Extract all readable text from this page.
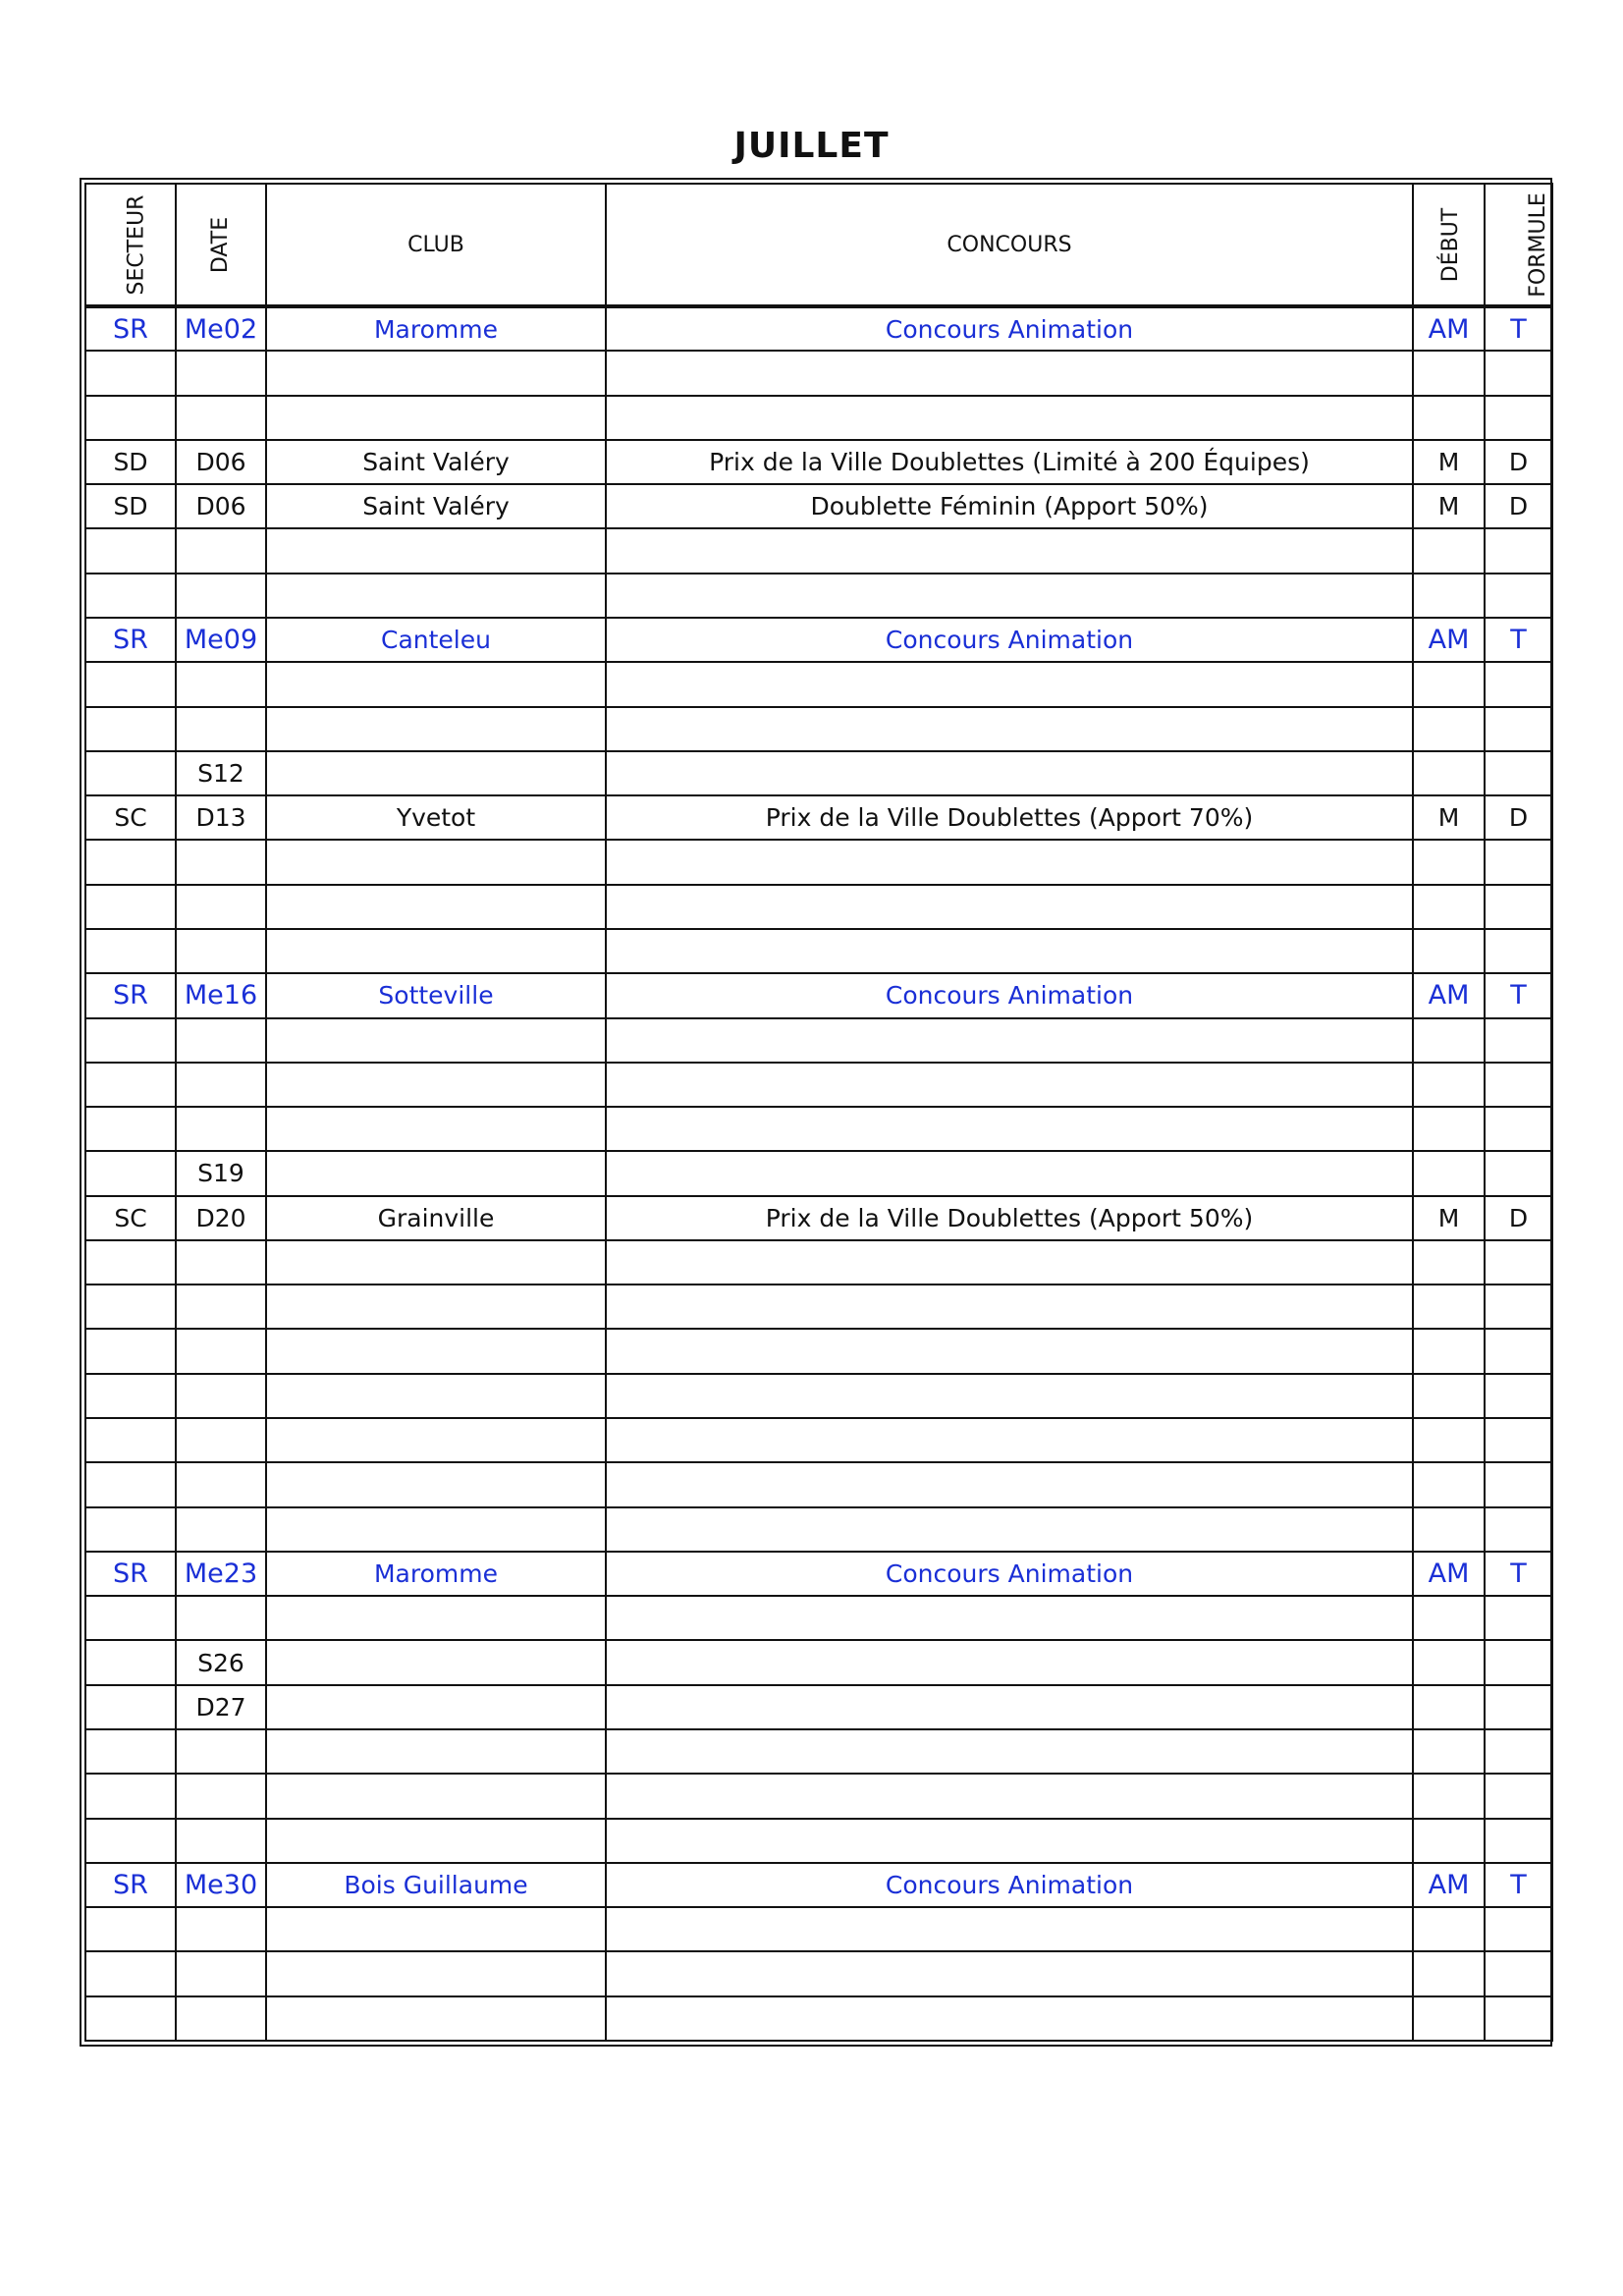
JUILLET
SECTEUR	DATE	CLUB	CONCOURS	DÉBUT	FORMULE
SR	Me02	Maromme	Concours Animation	AM	T

SD	D06	Saint Valéry	Prix de la Ville Doublettes (Limité à 200 Équipes)	M	D
SD	D06	Saint Valéry	Doublette Féminin (Apport 50%)	M	D

SR	Me09	Canteleu	Concours Animation	AM	T

	S12				
SC	D13	Yvetot	Prix de la Ville Doublettes (Apport 70%)	M	D

SR	Me16	Sotteville	Concours Animation	AM	T

	S19				
SC	D20	Grainville	Prix de la Ville Doublettes (Apport 50%)	M	D

SR	Me23	Maromme	Concours Animation	AM	T

	S26				
	D27				

SR	Me30	Bois Guillaume	Concours Animation	AM	T
